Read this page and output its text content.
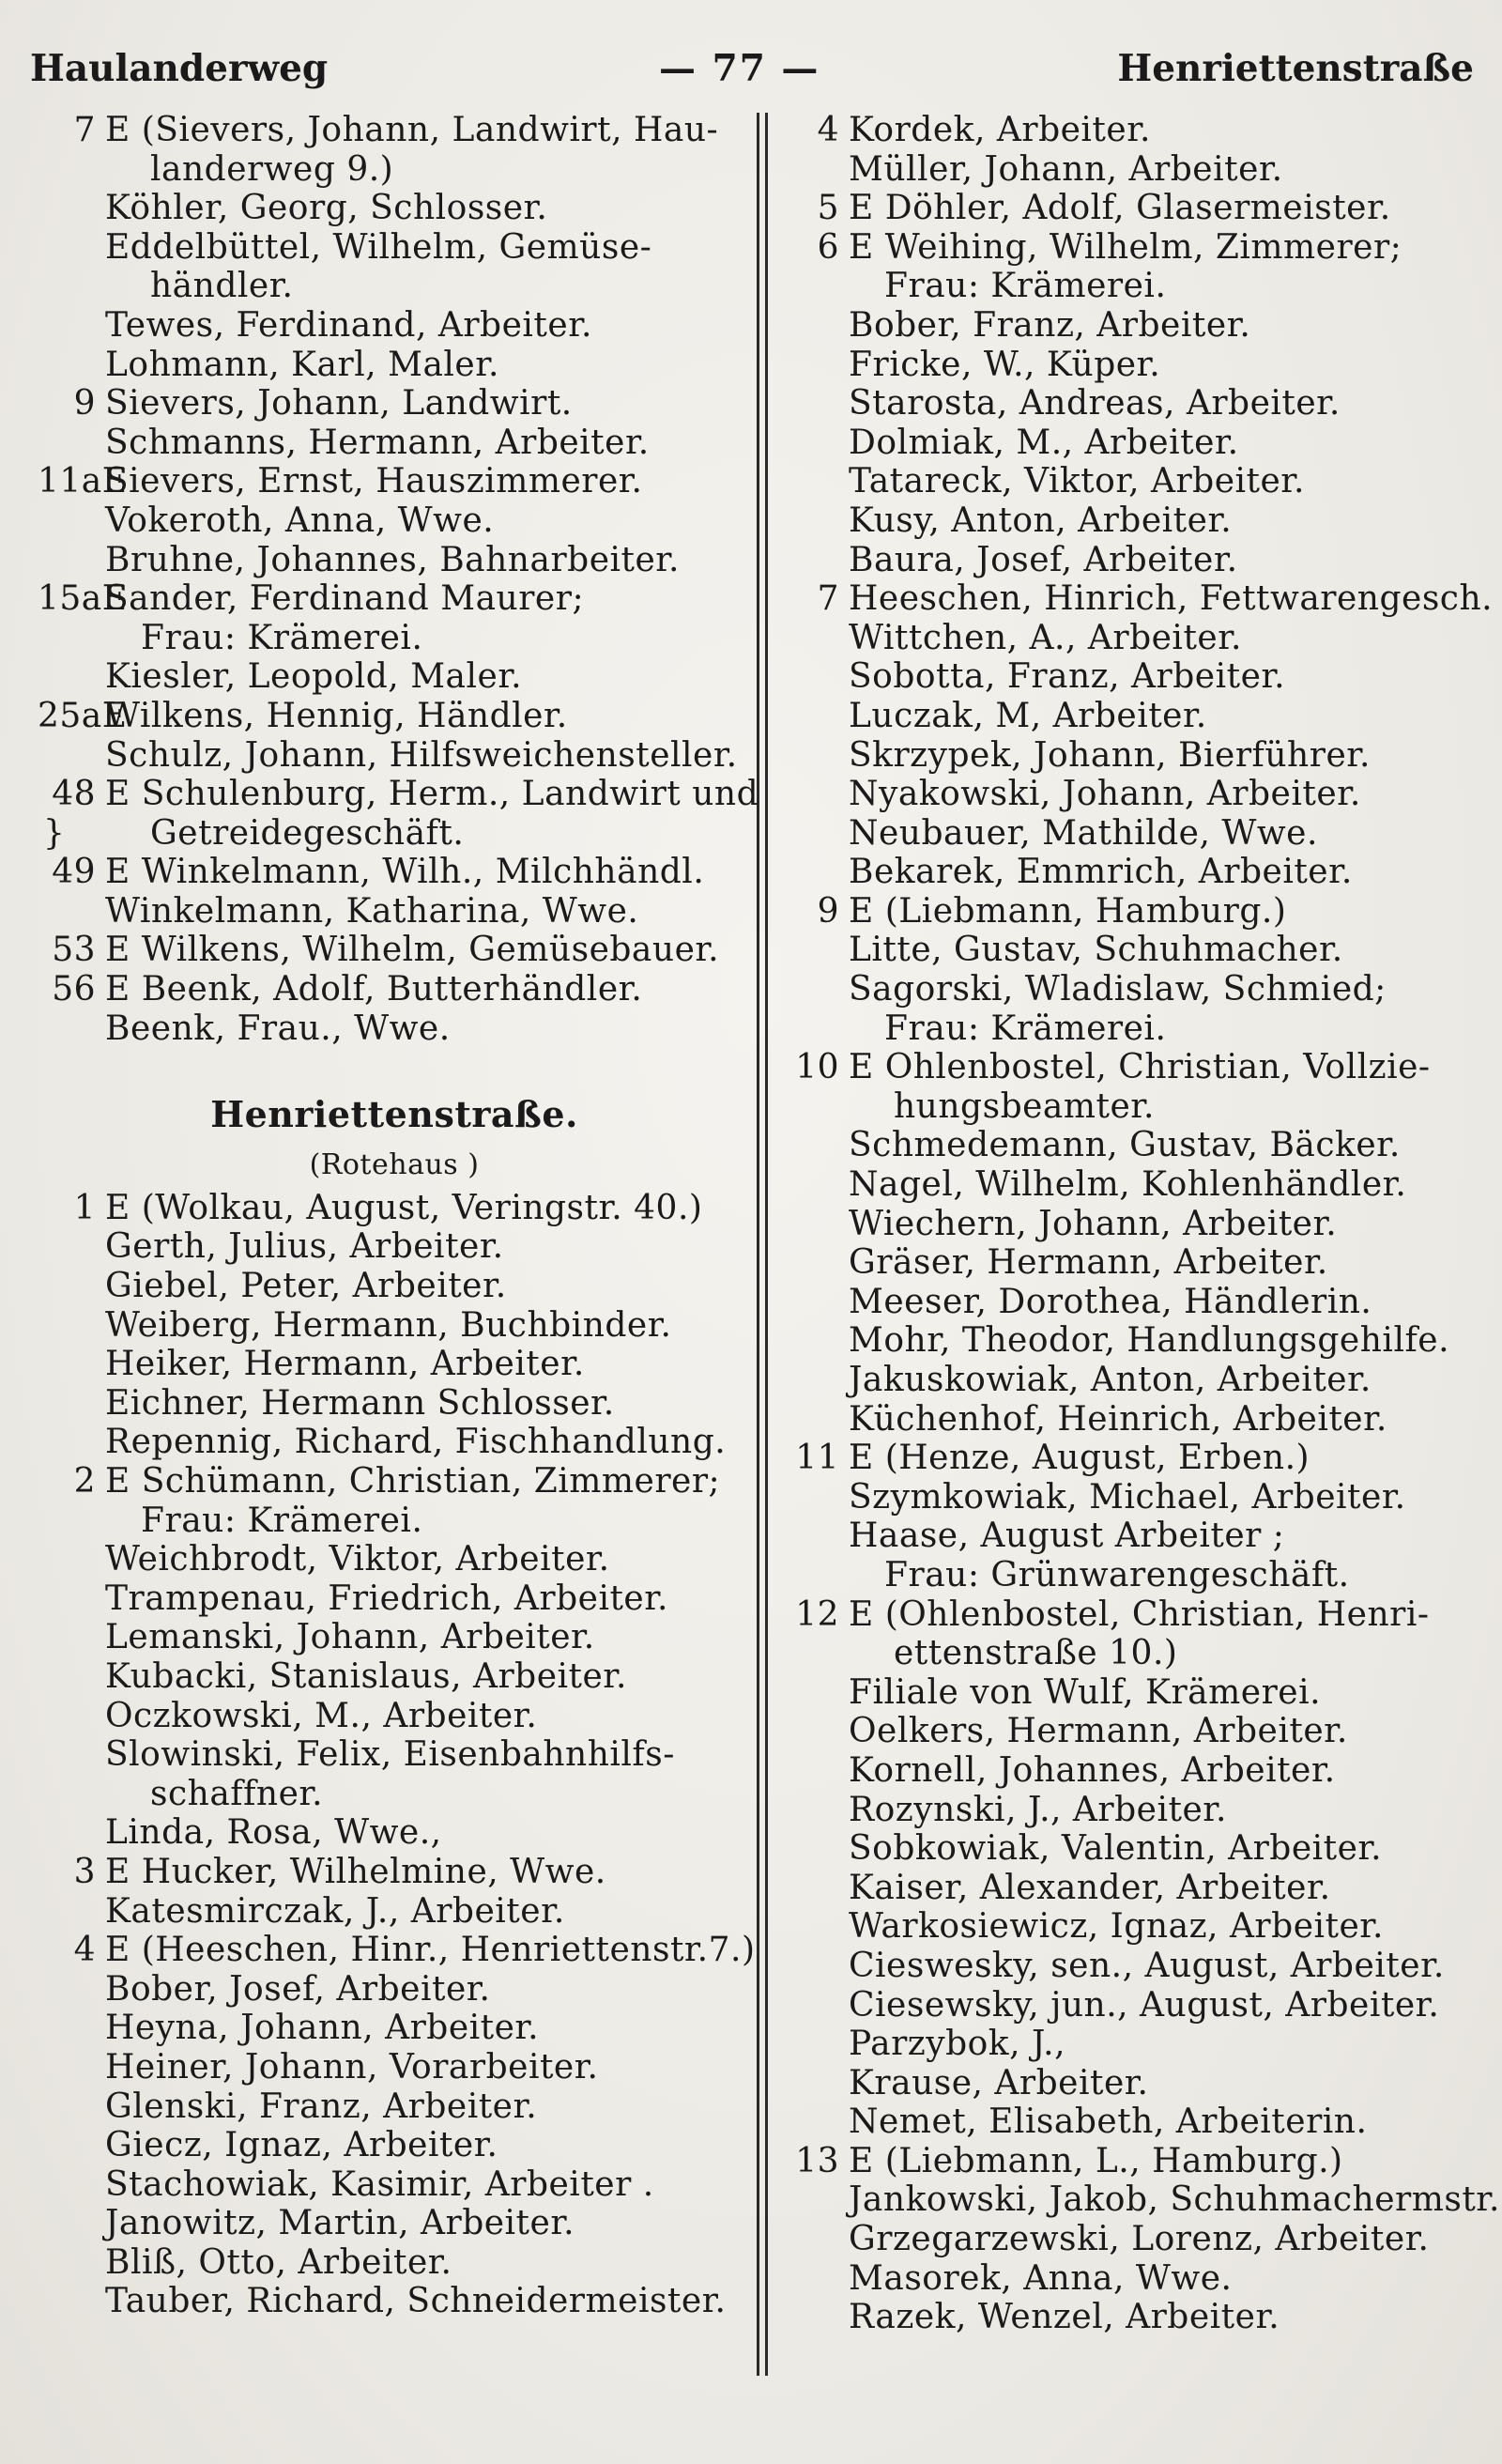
Haulanderweg	— 77 —	Henriettenstraße
7 E (Sievers, Johann, Landwirt, Hau-
landerweg 9.)
Köhler, Georg, Schlosser.
Eddelbüttel, Wilhelm, Gemüse-
händler.
Tewes, Ferdinand, Arbeiter.
Lohmann, Karl, Maler.
9 Sievers, Johann, Landwirt.
Schmanns, Hermann, Arbeiter.
11aESievers, Ernst, Hauszimmerer.
Vokeroth, Anna, Wwe.
Bruhne, Johannes, Bahnarbeiter.
15aESander, Ferdinand Maurer;
Frau: Krämerei.
Kiesler, Leopold, Maler.
25aEWilkens, Hennig, Händler.
Schulz, Johann, Hilfsweichensteller.
48 E Schulenburg, Herm., Landwirt und
}	Getreidegeschäft.
49 E Winkelmann, Wilh., Milchhändl.
Winkelmann, Katharina, Wwe.
53 E Wilkens, Wilhelm, Gemüsebauer.
56 E Beenk, Adolf, Butterhändler.
Beenk, Frau., Wwe.
Henriettenstraße.
(Rotehaus )
1 E (Wolkau, August, Veringstr. 40.)
Gerth, Julius, Arbeiter.
Giebel, Peter, Arbeiter.
Weiberg, Hermann, Buchbinder.
Heiker, Hermann, Arbeiter.
Eichner, Hermann Schlosser.
Repennig, Richard, Fischhandlung.
2 E Schümann, Christian, Zimmerer;
Frau: Krämerei.
Weichbrodt, Viktor, Arbeiter.
Trampenau, Friedrich, Arbeiter.
Lemanski, Johann, Arbeiter.
Kubacki, Stanislaus, Arbeiter.
Oczkowski, M., Arbeiter.
Slowinski, Felix, Eisenbahnhilfs-
schaffner.
Linda, Rosa, Wwe.,
3 E Hucker, Wilhelmine, Wwe.
Katesmirczak, J., Arbeiter.
4 E (Heeschen, Hinr., Henriettenstr.7.)
Bober, Josef, Arbeiter.
Heyna, Johann, Arbeiter.
Heiner, Johann, Vorarbeiter.
Glenski, Franz, Arbeiter.
Giecz, Ignaz, Arbeiter.
Stachowiak, Kasimir, Arbeiter .
Janowitz, Martin, Arbeiter.
Bliß, Otto, Arbeiter.
Tauber, Richard, Schneidermeister.
4 Kordek, Arbeiter.
Müller, Johann, Arbeiter.
5 E Döhler, Adolf, Glasermeister.
6 E Weihing, Wilhelm, Zimmerer;
Frau: Krämerei.
Bober, Franz, Arbeiter.
Fricke, W., Küper.
Starosta, Andreas, Arbeiter.
Dolmiak, M., Arbeiter.
Tatareck, Viktor, Arbeiter.
Kusy, Anton, Arbeiter.
Baura, Josef, Arbeiter.
7 Heeschen, Hinrich, Fettwarengesch.
Wittchen, A., Arbeiter.
Sobotta, Franz, Arbeiter.
Luczak, M, Arbeiter.
Skrzypek, Johann, Bierführer.
Nyakowski, Johann, Arbeiter.
Neubauer, Mathilde, Wwe.
Bekarek, Emmrich, Arbeiter.
9 E (Liebmann, Hamburg.)
Litte, Gustav, Schuhmacher.
Sagorski, Wladislaw, Schmied;
Frau: Krämerei.
10 E Ohlenbostel, Christian, Vollzie-
hungsbeamter.
Schmedemann, Gustav, Bäcker.
Nagel, Wilhelm, Kohlenhändler.
Wiechern, Johann, Arbeiter.
Gräser, Hermann, Arbeiter.
Meeser, Dorothea, Händlerin.
Mohr, Theodor, Handlungsgehilfe.
Jakuskowiak, Anton, Arbeiter.
Küchenhof, Heinrich, Arbeiter.
11 E (Henze, August, Erben.)
Szymkowiak, Michael, Arbeiter.
Haase, August Arbeiter ;
Frau: Grünwarengeschäft.
12 E (Ohlenbostel, Christian, Henri-
ettenstraße 10.)
Filiale von Wulf, Krämerei.
Oelkers, Hermann, Arbeiter.
Kornell, Johannes, Arbeiter.
Rozynski, J., Arbeiter.
Sobkowiak, Valentin, Arbeiter.
Kaiser, Alexander, Arbeiter.
Warkosiewicz, Ignaz, Arbeiter.
Cieswesky, sen., August, Arbeiter.
Ciesewsky, jun., August, Arbeiter.
Parzybok, J.,
Krause, Arbeiter.
Nemet, Elisabeth, Arbeiterin.
13 E (Liebmann, L., Hamburg.)
Jankowski, Jakob, Schuhmachermstr.
Grzegarzewski, Lorenz, Arbeiter.
Masorek, Anna, Wwe.
Razek, Wenzel, Arbeiter.
